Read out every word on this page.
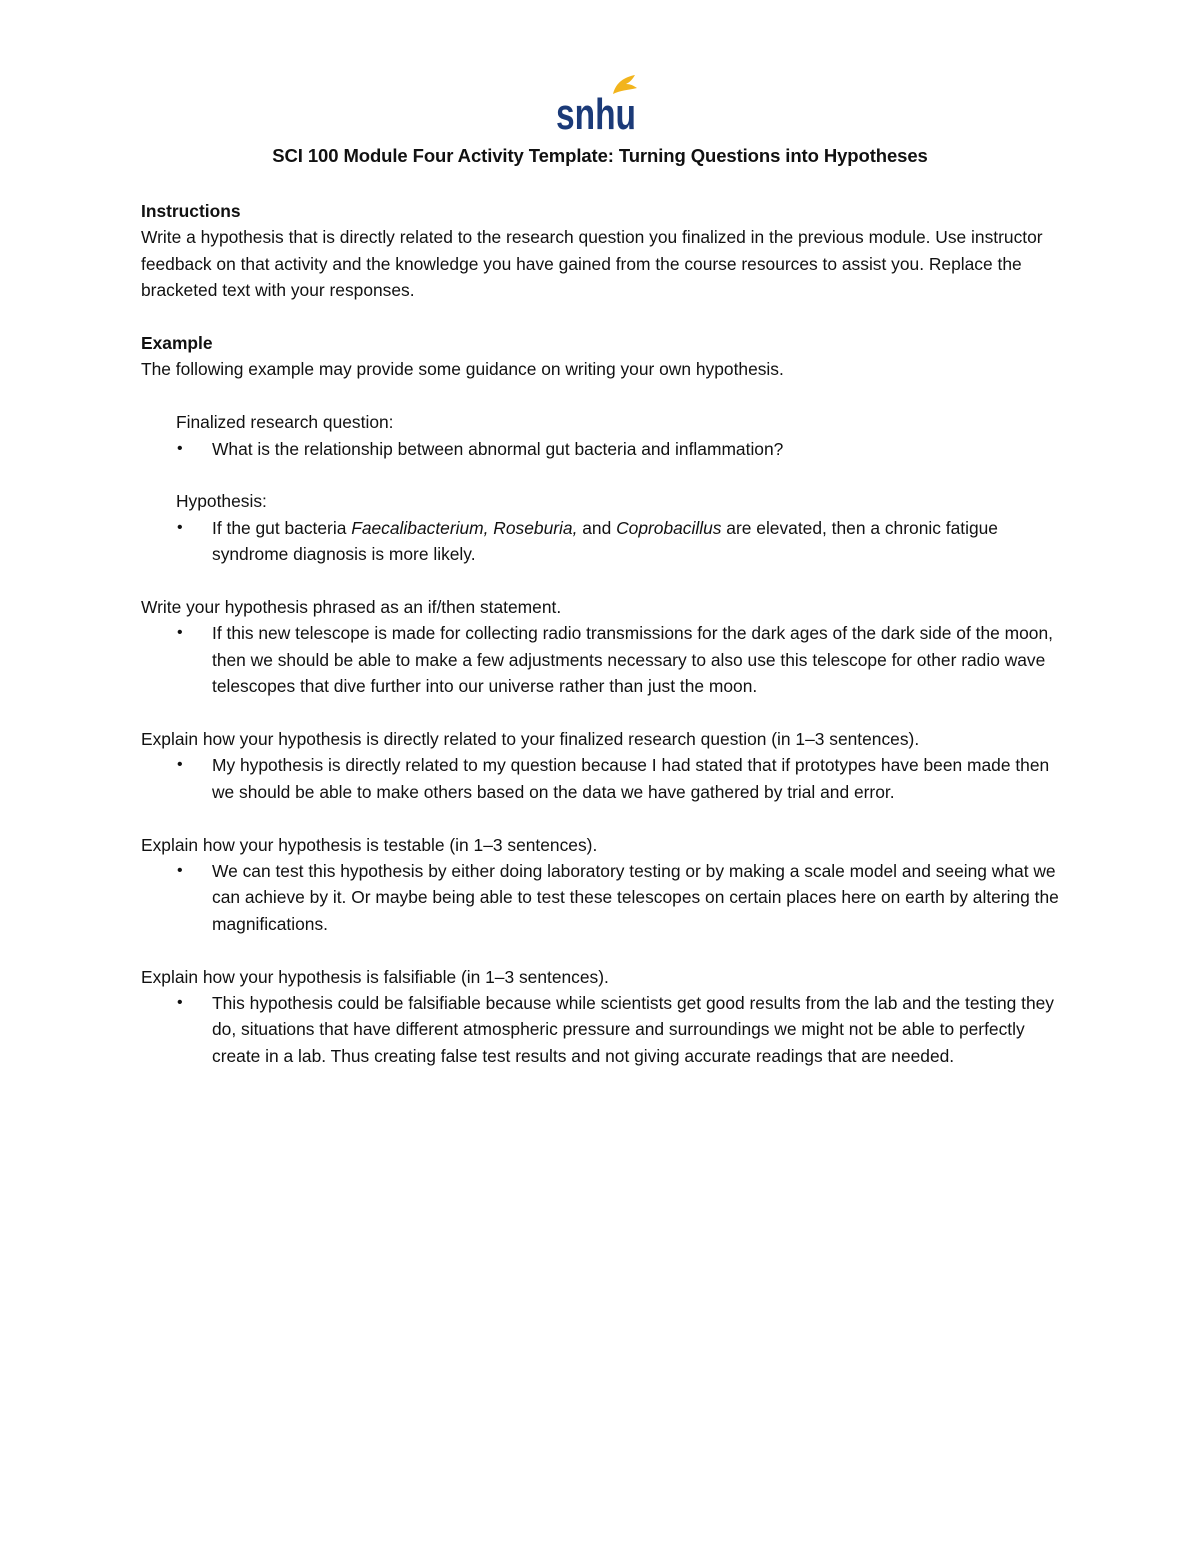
snhu
SCI 100 Module Four Activity Template: Turning Questions into Hypotheses

Instructions

Write a hypothesis that is directly related to the research question you finalized in the previous module. Use instructor feedback on that activity and the knowledge you have gained from the course resources to assist you. Replace the bracketed text with your responses.

Example

The following example may provide some guidance on writing your own hypothesis.

Finalized research question:

• What is the relationship between abnormal gut bacteria and inflammation?

Hypothesis:

• If the gut bacteria Faecalibacterium, Roseburia, and Coprobacillus are elevated, then a chronic fatigue syndrome diagnosis is more likely.

Write your hypothesis phrased as an if/then statement.

• If this new telescope is made for collecting radio transmissions for the dark ages of the dark side of the moon, then we should be able to make a few adjustments necessary to also use this telescope for other radio wave telescopes that dive further into our universe rather than just the moon.

Explain how your hypothesis is directly related to your finalized research question (in 1–3 sentences).

• My hypothesis is directly related to my question because I had stated that if prototypes have been made then we should be able to make others based on the data we have gathered by trial and error.

Explain how your hypothesis is testable (in 1–3 sentences).

• We can test this hypothesis by either doing laboratory testing or by making a scale model and seeing what we can achieve by it. Or maybe being able to test these telescopes on certain places here on earth by altering the magnifications.

Explain how your hypothesis is falsifiable (in 1–3 sentences).

• This hypothesis could be falsifiable because while scientists get good results from the lab and the testing they do, situations that have different atmospheric pressure and surroundings we might not be able to perfectly create in a lab. Thus creating false test results and not giving accurate readings that are needed.
